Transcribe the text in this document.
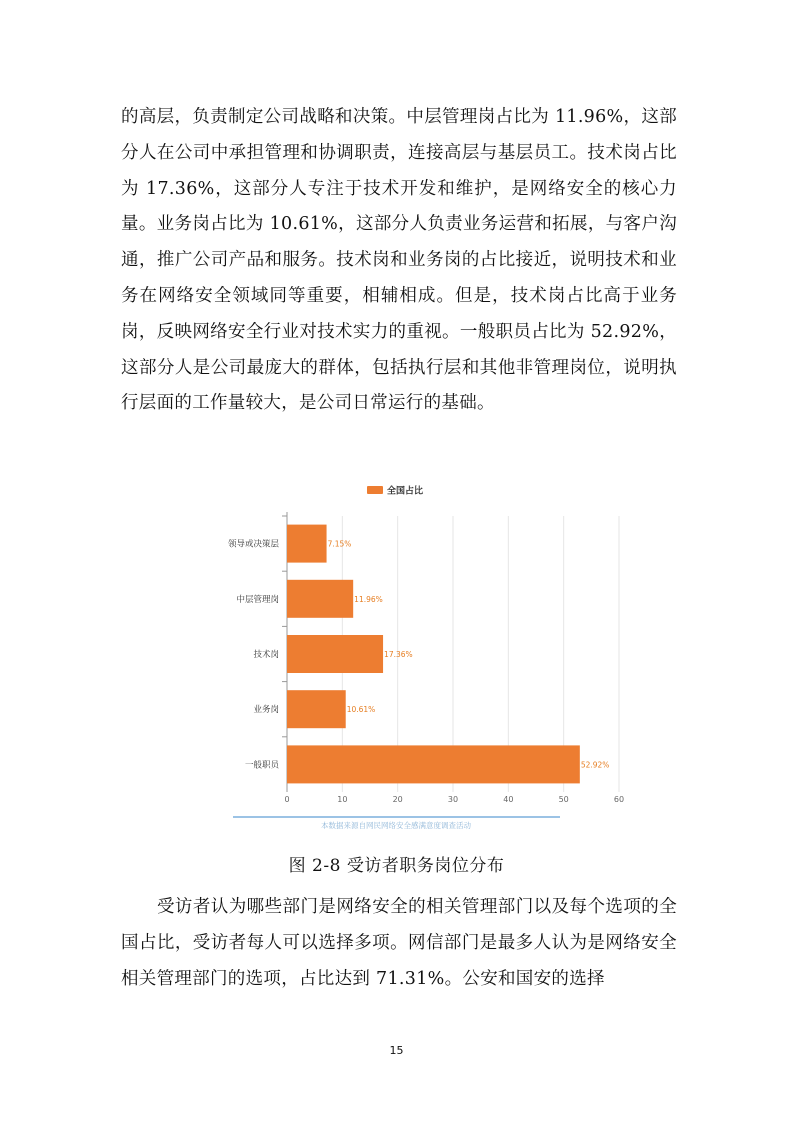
的高层，负责制定公司战略和决策。中层管理岗占比为 11.96%，这部分人在公司中承担管理和协调职责，连接高层与基层员工。技术岗占比为 17.36%，这部分人专注于技术开发和维护，是网络安全的核心力量。业务岗占比为 10.61%，这部分人负责业务运营和拓展，与客户沟通，推广公司产品和服务。技术岗和业务岗的占比接近，说明技术和业务在网络安全领域同等重要，相辅相成。但是，技术岗占比高于业务岗，反映网络安全行业对技术实力的重视。一般职员占比为 52.92%，这部分人是公司最庞大的群体，包括执行层和其他非管理岗位，说明执行层面的工作量较大，是公司日常运行的基础。

领导或决策层
中层管理岗
技术岗
业务岗
一般职员
0	10	20	30	40	50	60
7.15%
11.96%
17.36%
10.61%
52.92%
全国占比
本数据来源自网民网络安全感满意度调查活动
图 2-8 受访者职务岗位分布

受访者认为哪些部门是网络安全的相关管理部门以及每个选项的全国占比，受访者每人可以选择多项。网信部门是最多人认为是网络安全相关管理部门的选项，占比达到 71.31%。公安和国安的选择

15
